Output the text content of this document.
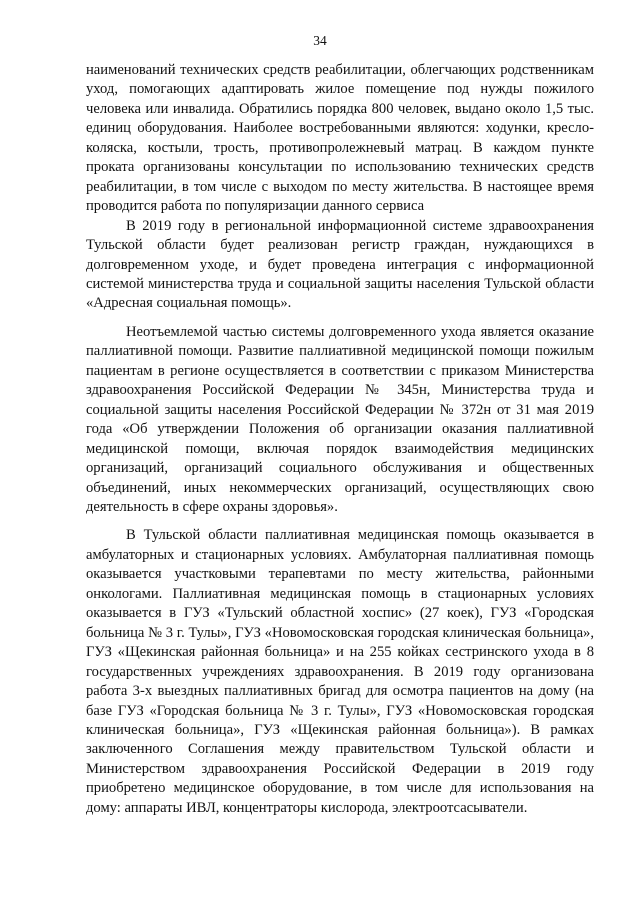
34

наименований технических средств реабилитации, облегчающих родственникам уход, помогающих адаптировать жилое помещение под нужды пожилого человека или инвалида. Обратились порядка 800 человек, выдано около 1,5 тыс. единиц оборудования. Наиболее востребованными являются: ходунки, кресло-коляска, костыли, трость, противопролежневый матрац. В каждом пункте проката организованы консультации по использованию технических средств реабилитации, в том числе с выходом по месту жительства. В настоящее время проводится работа по популяризации данного сервиса

В 2019 году в региональной информационной системе здравоохранения Тульской области будет реализован регистр граждан, нуждающихся в долговременном уходе, и будет проведена интеграция с информационной системой министерства труда и социальной защиты населения Тульской области «Адресная социальная помощь».

Неотъемлемой частью системы долговременного ухода является оказание паллиативной помощи. Развитие паллиативной медицинской помощи пожилым пациентам в регионе осуществляется в соответствии с приказом Министерства здравоохранения Российской Федерации № 345н, Министерства труда и социальной защиты населения Российской Федерации № 372н от 31 мая 2019 года «Об утверждении Положения об организации оказания паллиативной медицинской помощи, включая порядок взаимодействия медицинских организаций, организаций социального обслуживания и общественных объединений, иных некоммерческих организаций, осуществляющих свою деятельность в сфере охраны здоровья».

В Тульской области паллиативная медицинская помощь оказывается в амбулаторных и стационарных условиях. Амбулаторная паллиативная помощь оказывается участковыми терапевтами по месту жительства, районными онкологами. Паллиативная медицинская помощь в стационарных условиях оказывается в ГУЗ «Тульский областной хоспис» (27 коек), ГУЗ «Городская больница № 3 г. Тулы», ГУЗ «Новомосковская городская клиническая больница», ГУЗ «Щекинская районная больница» и на 255 койках сестринского ухода в 8 государственных учреждениях здравоохранения. В 2019 году организована работа 3-х выездных паллиативных бригад для осмотра пациентов на дому (на базе ГУЗ «Городская больница № 3 г. Тулы», ГУЗ «Новомосковская городская клиническая больница», ГУЗ «Щекинская районная больница»). В рамках заключенного Соглашения между правительством Тульской области и Министерством здравоохранения Российской Федерации в 2019 году приобретено медицинское оборудование, в том числе для использования на дому: аппараты ИВЛ, концентраторы кислорода, электроотсасыватели.
